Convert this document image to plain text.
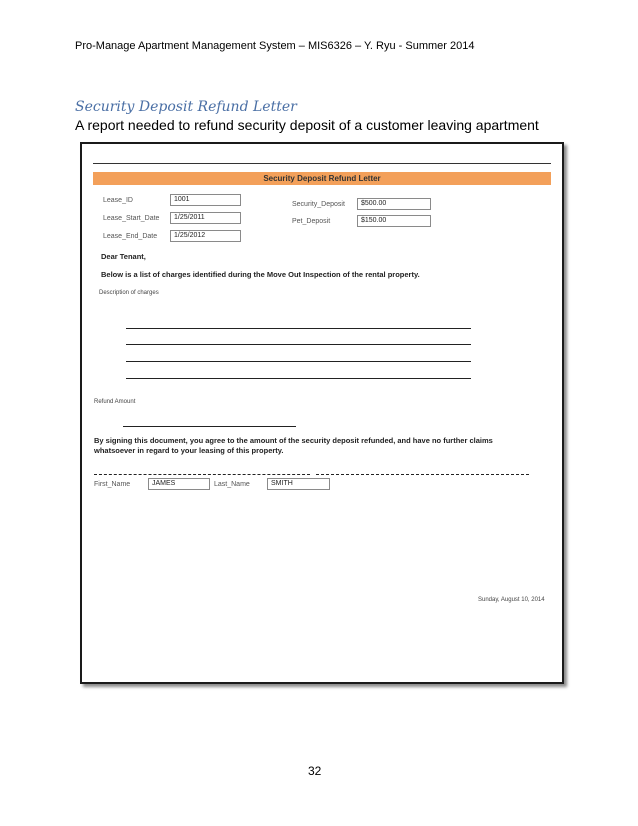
Pro-Manage Apartment Management System – MIS6326 – Y. Ryu - Summer 2014
Security Deposit Refund Letter
A report needed to refund security deposit of a customer leaving apartment
Security Deposit Refund Letter
Lease_ID	1001
Lease_Start_Date	1/25/2011
Lease_End_Date	1/25/2012
Security_Deposit	$500.00
Pet_Deposit	$150.00
Dear Tenant,
Below is a list of charges identified during the Move Out Inspection of the rental property.
Description of charges
Refund Amount
By signing this document, you agree to the amount of the security deposit refunded, and have no further claims
whatsoever in regard to your leasing of this property.
First_Name	JAMES	Last_Name	SMITH
Sunday, August 10, 2014
32
